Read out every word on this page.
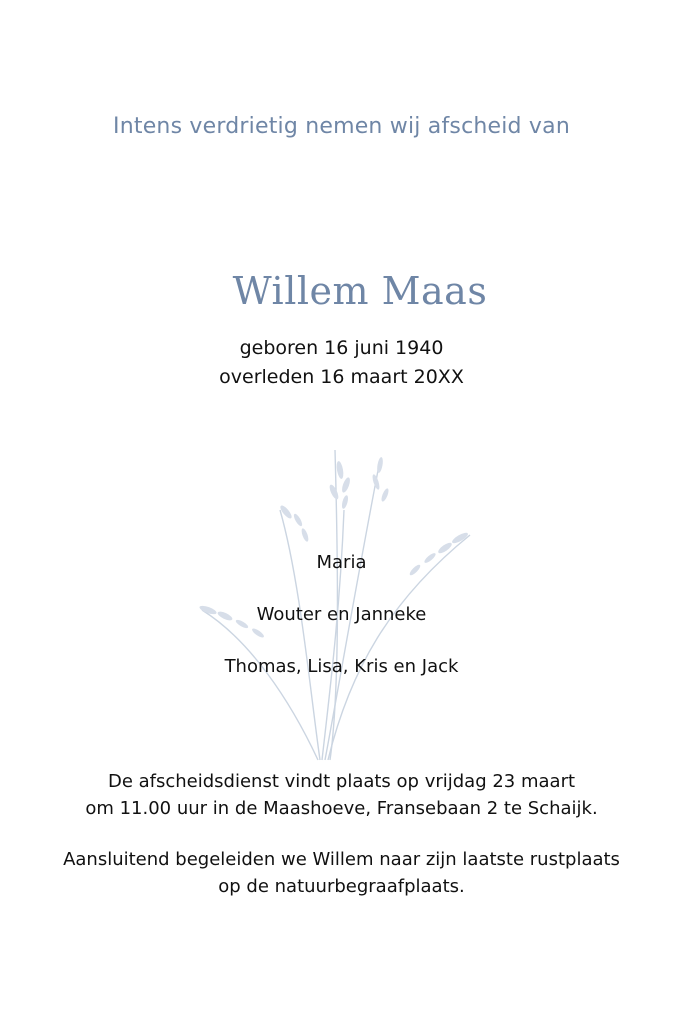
Intens verdrietig nemen wij afscheid van
Willem Maas
geboren 16 juni 1940
overleden 16 maart 20XX
Maria
Wouter en Janneke
Thomas, Lisa, Kris en Jack
De afscheidsdienst vindt plaats op vrijdag 23 maart
om 11.00 uur in de Maashoeve, Fransebaan 2 te Schaijk.
Aansluitend begeleiden we Willem naar zijn laatste rustplaats
op de natuurbegraafplaats.
